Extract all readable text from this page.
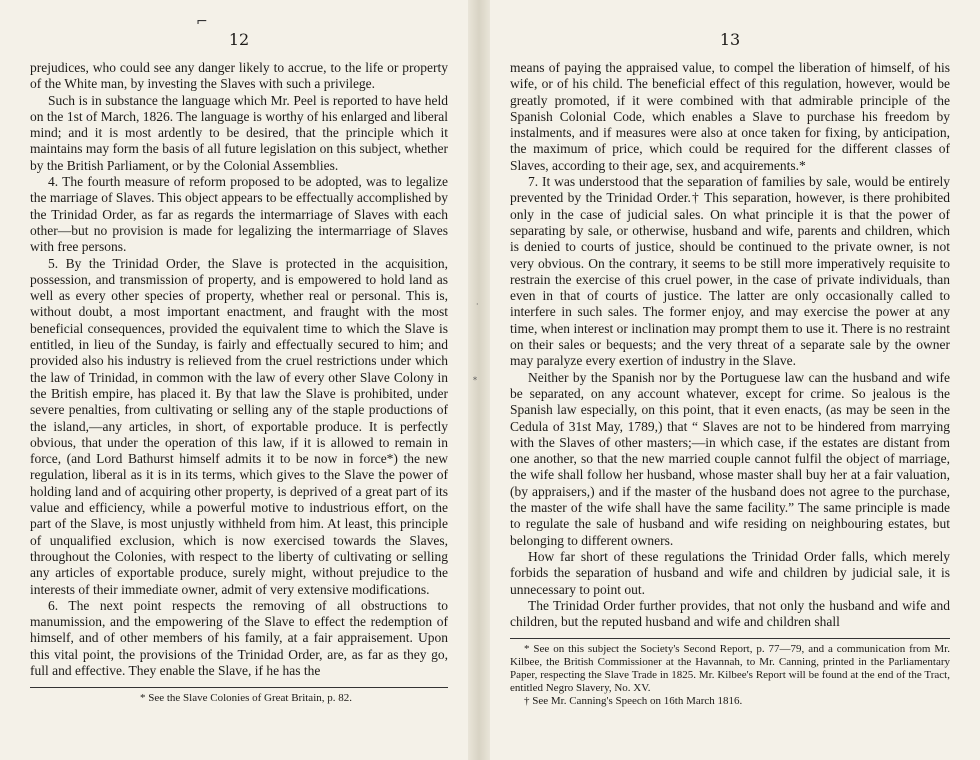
⌐
12

prejudices, who could see any danger likely to accrue, to the life or property of the White man, by investing the Slaves with such a privilege.

Such is in substance the language which Mr. Peel is reported to have held on the 1st of March, 1826. The language is worthy of his enlarged and liberal mind; and it is most ardently to be desired, that the principle which it maintains may form the basis of all future legislation on this subject, whether by the British Parliament, or by the Colonial Assemblies.

4. The fourth measure of reform proposed to be adopted, was to legalize the marriage of Slaves. This object appears to be effectually accomplished by the Trinidad Order, as far as regards the intermarriage of Slaves with each other—but no provision is made for legalizing the intermarriage of Slaves with free persons.

5. By the Trinidad Order, the Slave is protected in the acquisition, possession, and transmission of property, and is empowered to hold land as well as every other species of property, whether real or personal. This is, without doubt, a most important enactment, and fraught with the most beneficial consequences, provided the equivalent time to which the Slave is entitled, in lieu of the Sunday, is fairly and effectually secured to him; and provided also his industry is relieved from the cruel restrictions under which the law of Trinidad, in common with the law of every other Slave Colony in the British empire, has placed it. By that law the Slave is prohibited, under severe penalties, from cultivating or selling any of the staple productions of the island,—any articles, in short, of exportable produce. It is perfectly obvious, that under the operation of this law, if it is allowed to remain in force, (and Lord Bathurst himself admits it to be now in force*) the new regulation, liberal as it is in its terms, which gives to the Slave the power of holding land and of acquiring other property, is deprived of a great part of its value and efficiency, while a powerful motive to industrious effort, on the part of the Slave, is most unjustly withheld from him. At least, this principle of unqualified exclusion, which is now exercised towards the Slaves, throughout the Colonies, with respect to the liberty of cultivating or selling any articles of exportable produce, surely might, without prejudice to the interests of their immediate owner, admit of very extensive modifications.

6. The next point respects the removing of all obstructions to manumission, and the empowering of the Slave to effect the redemption of himself, and of other members of his family, at a fair appraisement. Upon this vital point, the provisions of the Trinidad Order, are, as far as they go, full and effective. They enable the Slave, if he has the

* See the Slave Colonies of Great Britain, p. 82.

·
*
13

means of paying the appraised value, to compel the liberation of himself, of his wife, or of his child. The beneficial effect of this regulation, however, would be greatly promoted, if it were combined with that admirable principle of the Spanish Colonial Code, which enables a Slave to purchase his freedom by instalments, and if measures were also at once taken for fixing, by anticipation, the maximum of price, which could be required for the different classes of Slaves, according to their age, sex, and acquirements.*

7. It was understood that the separation of families by sale, would be entirely prevented by the Trinidad Order.† This separation, however, is there prohibited only in the case of judicial sales. On what principle it is that the power of separating by sale, or otherwise, husband and wife, parents and children, which is denied to courts of justice, should be continued to the private owner, is not very obvious. On the contrary, it seems to be still more imperatively requisite to restrain the exercise of this cruel power, in the case of private individuals, than even in that of courts of justice. The latter are only occasionally called to interfere in such sales. The former enjoy, and may exercise the power at any time, when interest or inclination may prompt them to use it. There is no restraint on their sales or bequests; and the very threat of a separate sale by the owner may paralyze every exertion of industry in the Slave.

Neither by the Spanish nor by the Portuguese law can the husband and wife be separated, on any account whatever, except for crime. So jealous is the Spanish law especially, on this point, that it even enacts, (as may be seen in the Cedula of 31st May, 1789,) that “ Slaves are not to be hindered from marrying with the Slaves of other masters;—in which case, if the estates are distant from one another, so that the new married couple cannot fulfil the object of marriage, the wife shall follow her husband, whose master shall buy her at a fair valuation, (by appraisers,) and if the master of the husband does not agree to the purchase, the master of the wife shall have the same facility.” The same principle is made to regulate the sale of husband and wife residing on neighbouring estates, but belonging to different owners.

How far short of these regulations the Trinidad Order falls, which merely forbids the separation of husband and wife and children by judicial sale, it is unnecessary to point out.

The Trinidad Order further provides, that not only the husband and wife and children, but the reputed husband and wife and children shall

* See on this subject the Society's Second Report, p. 77—79, and a communication from Mr. Kilbee, the British Commissioner at the Havannah, to Mr. Canning, printed in the Parliamentary Paper, respecting the Slave Trade in 1825. Mr. Kilbee's Report will be found at the end of the Tract, entitled Negro Slavery, No. XV.

† See Mr. Canning's Speech on 16th March 1816.
